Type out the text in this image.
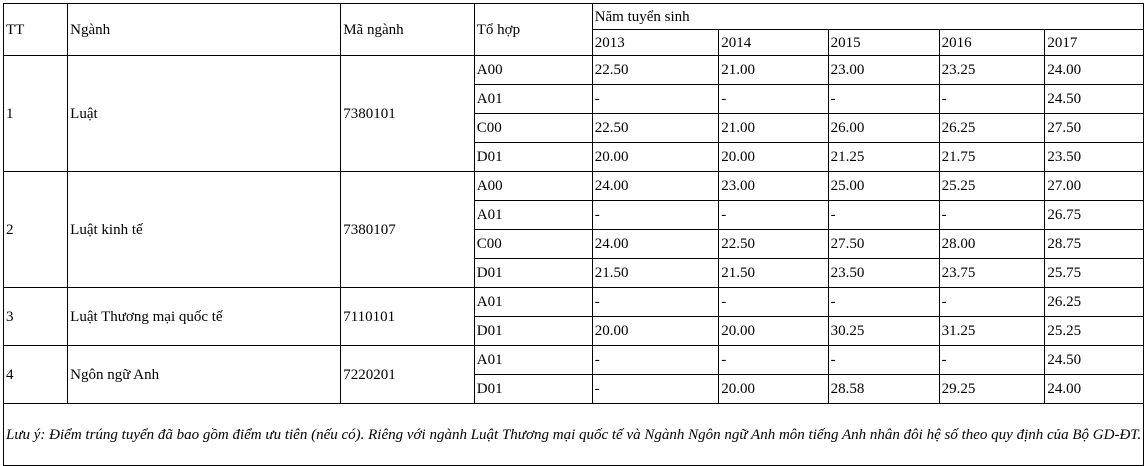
TT	Ngành	Mã ngành	Tổ hợp	Năm tuyển sinh				
				2013	2014	2015	2016	2017
1	Luật	7380101	A00	22.50	21.00	23.00	23.25	24.00
			A01	-	-	-	-	24.50
			C00	22.50	21.00	26.00	26.25	27.50
			D01	20.00	20.00	21.25	21.75	23.50
2	Luật kinh tế	7380107	A00	24.00	23.00	25.00	25.25	27.00
			A01	-	-	-	-	26.75
			C00	24.00	22.50	27.50	28.00	28.75
			D01	21.50	21.50	23.50	23.75	25.75
3	Luật Thương mại quốc tế	7110101	A01	-	-	-	-	26.25
			D01	20.00	20.00	30.25	31.25	25.25
4	Ngôn ngữ Anh	7220201	A01	-	-	-	-	24.50
			D01	-	20.00	28.58	29.25	24.00
Lưu ý: Điểm trúng tuyển đã bao gồm điểm ưu tiên (nếu có). Riêng với ngành Luật Thương mại quốc tế và Ngành Ngôn ngữ Anh môn tiếng Anh nhân đôi hệ số theo quy định của Bộ GD-ĐT.								
